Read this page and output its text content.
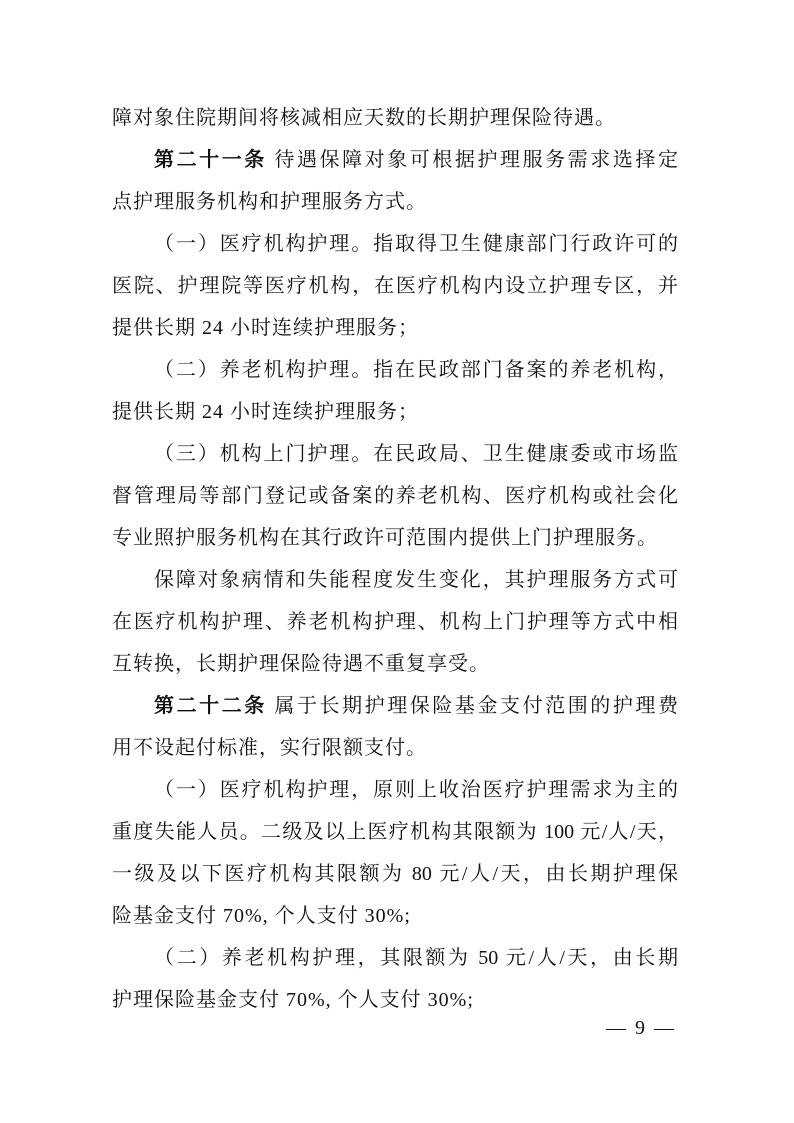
障对象住院期间将核减相应天数的长期护理保险待遇。

第二十一条 待遇保障对象可根据护理服务需求选择定

点护理服务机构和护理服务方式。

（一）医疗机构护理。指取得卫生健康部门行政许可的

医院、护理院等医疗机构，在医疗机构内设立护理专区，并

提供长期 24 小时连续护理服务；

（二）养老机构护理。指在民政部门备案的养老机构，

提供长期 24 小时连续护理服务；

（三）机构上门护理。在民政局、卫生健康委或市场监

督管理局等部门登记或备案的养老机构、医疗机构或社会化

专业照护服务机构在其行政许可范围内提供上门护理服务。

保障对象病情和失能程度发生变化，其护理服务方式可

在医疗机构护理、养老机构护理、机构上门护理等方式中相

互转换，长期护理保险待遇不重复享受。

第二十二条 属于长期护理保险基金支付范围的护理费

用不设起付标准，实行限额支付。

（一）医疗机构护理，原则上收治医疗护理需求为主的

重度失能人员。二级及以上医疗机构其限额为 100 元/人/天，

一级及以下医疗机构其限额为 80 元/人/天，由长期护理保

险基金支付 70%, 个人支付 30%;

（二）养老机构护理，其限额为 50 元/人/天，由长期

护理保险基金支付 70%, 个人支付 30%;

— 9 —
